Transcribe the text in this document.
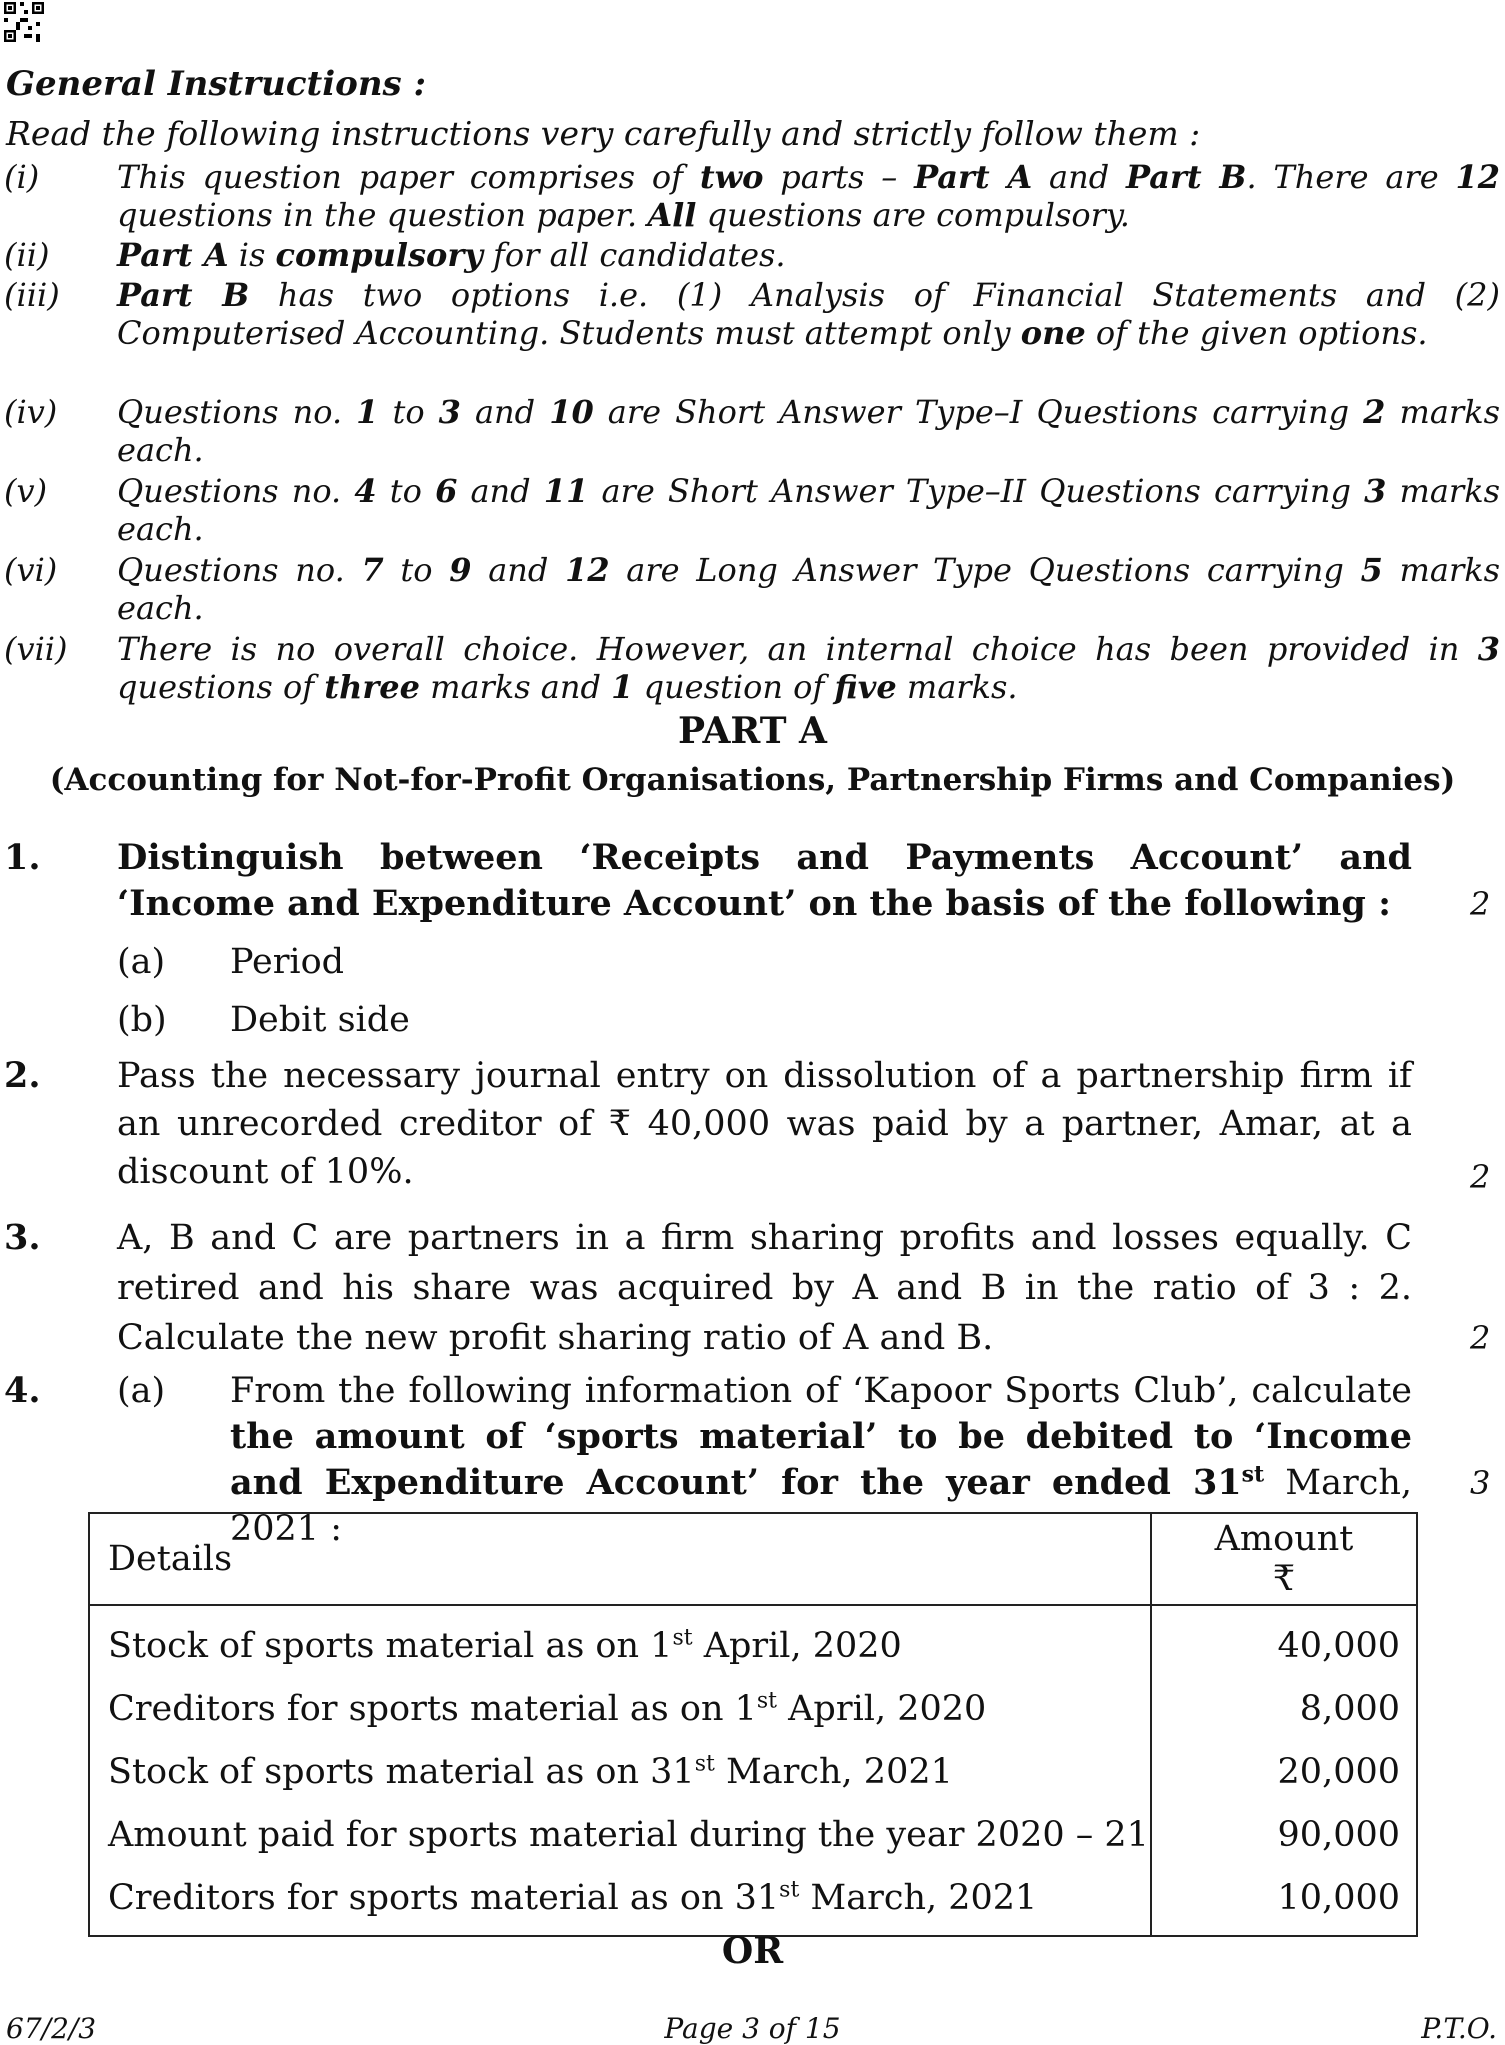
General Instructions :
Read the following instructions very carefully and strictly follow them :
(i) This question paper comprises of two parts – Part A and Part B. There are 12 questions in the question paper. All questions are compulsory.
(ii) Part A is compulsory for all candidates.
(iii) Part B has two options i.e. (1) Analysis of Financial Statements and (2) Computerised Accounting. Students must attempt only one of the given options.
(iv) Questions no. 1 to 3 and 10 are Short Answer Type–I Questions carrying 2 marks each.
(v) Questions no. 4 to 6 and 11 are Short Answer Type–II Questions carrying 3 marks each.
(vi) Questions no. 7 to 9 and 12 are Long Answer Type Questions carrying 5 marks each.
(vii) There is no overall choice. However, an internal choice has been provided in 3 questions of three marks and 1 question of five marks.
PART A
(Accounting for Not-for-Profit Organisations, Partnership Firms and Companies)
1. Distinguish between ‘Receipts and Payments Account’ and ‘Income and Expenditure Account’ on the basis of the following :	2
(a) Period
(b) Debit side
2. Pass the necessary journal entry on dissolution of a partnership firm if an unrecorded creditor of ₹ 40,000 was paid by a partner, Amar, at a discount of 10%.	2
3. A, B and C are partners in a firm sharing profits and losses equally. C retired and his share was acquired by A and B in the ratio of 3 : 2. Calculate the new profit sharing ratio of A and B.	2
4. (a) From the following information of ‘Kapoor Sports Club’, calculate the amount of ‘sports material’ to be debited to ‘Income and Expenditure Account’ for the year ended 31st March, 2021 :
3
Details	Amount
₹

Stock of sports material as on 1st April, 2020	40,000
Creditors for sports material as on 1st April, 2020	8,000
Stock of sports material as on 31st March, 2021	20,000
Amount paid for sports material during the year 2020 – 21	90,000
Creditors for sports material as on 31st March, 2021	10,000
OR
67/2/3	Page 3 of 15	P.T.O.
